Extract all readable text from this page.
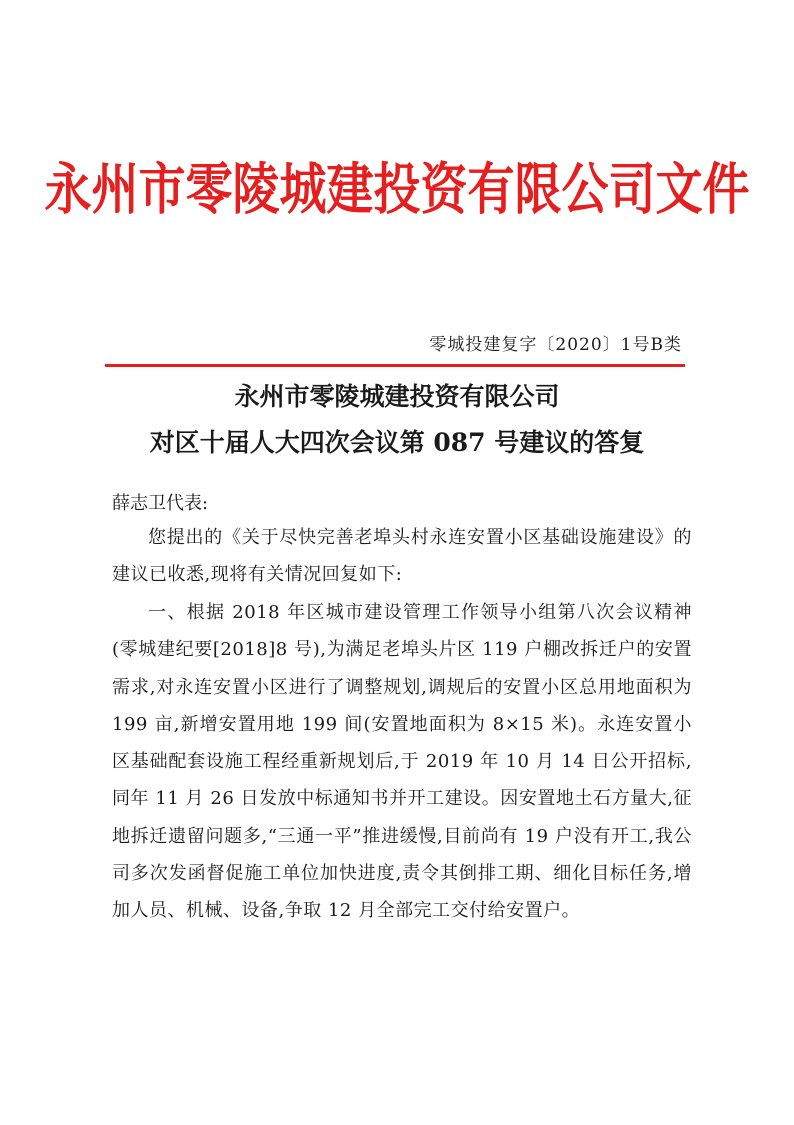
永州市零陵城建投资有限公司文件
零城投建复字〔2020〕1号B类
永州市零陵城建投资有限公司
对区十届人大四次会议第 087 号建议的答复
薛志卫代表:
您提出的《关于尽快完善老埠头村永连安置小区基础设施建设》的建议已收悉,现将有关情况回复如下:
一、根据 2018 年区城市建设管理工作领导小组第八次会议精神(零城建纪要[2018]8 号),为满足老埠头片区 119 户棚改拆迁户的安置需求,对永连安置小区进行了调整规划,调规后的安置小区总用地面积为 199 亩,新增安置用地 199 间(安置地面积为 8×15 米)。永连安置小区基础配套设施工程经重新规划后,于 2019 年 10 月 14 日公开招标,同年 11 月 26 日发放中标通知书并开工建设。因安置地土石方量大,征地拆迁遗留问题多,“三通一平”推进缓慢,目前尚有 19 户没有开工,我公司多次发函督促施工单位加快进度,责令其倒排工期、细化目标任务,增加人员、机械、设备,争取 12 月全部完工交付给安置户。
